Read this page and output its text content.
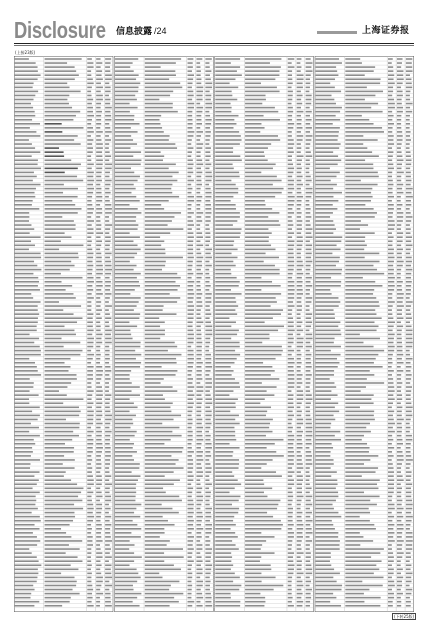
Disclosure 信息披露 /24	上海证券报
(上接23版)
(下转25版)
